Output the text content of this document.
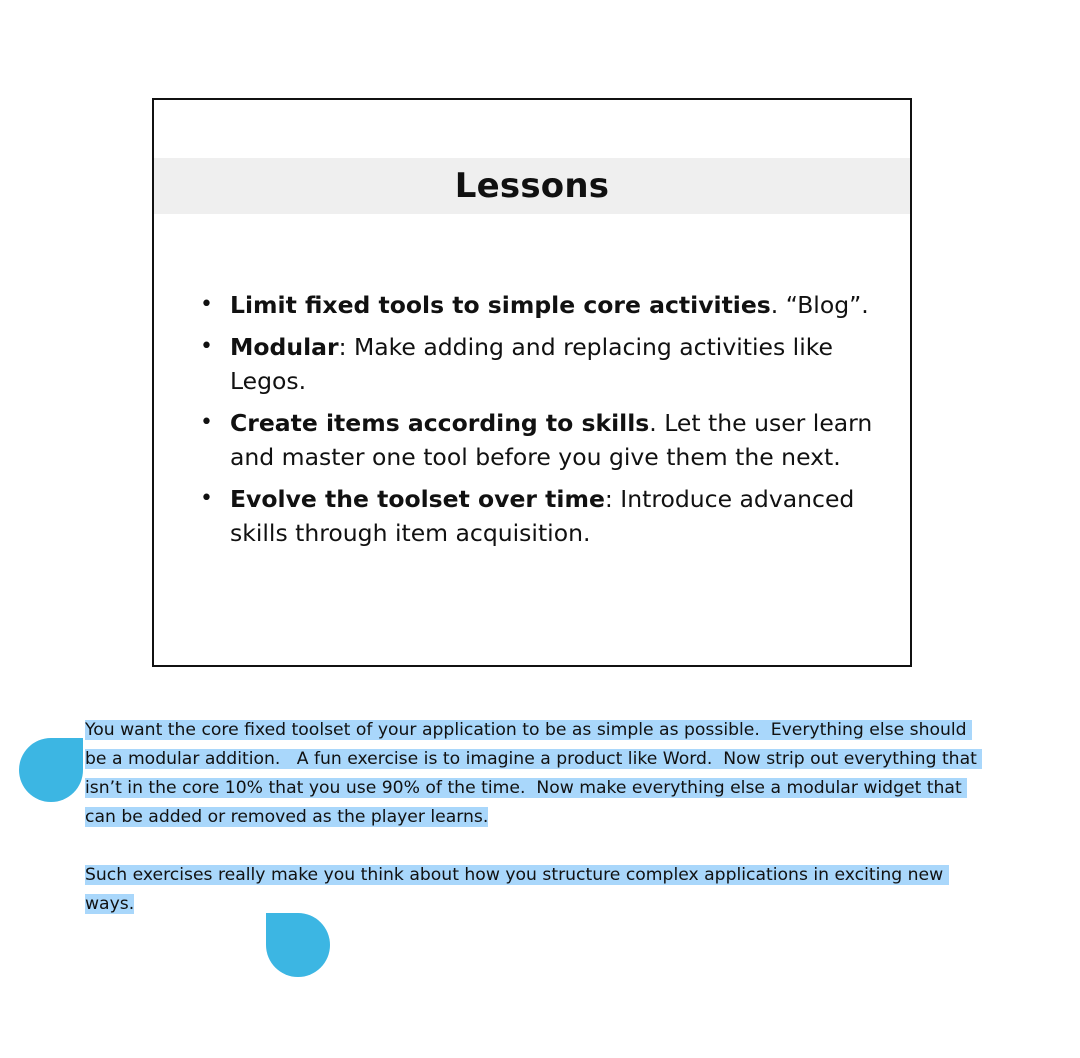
Lessons
• Limit fixed tools to simple core activities. “Blog”.
• Modular: Make adding and replacing activities like Legos.
• Create items according to skills. Let the user learn and master one tool before you give them the next.
• Evolve the toolset over time: Introduce advanced skills through item acquisition.

You want the core fixed toolset of your application to be as simple as possible.  Everything else should be a modular addition.   A fun exercise is to imagine a product like Word.  Now strip out everything that isn’t in the core 10% that you use 90% of the time.  Now make everything else a modular widget that can be added or removed as the player learns.

Such exercises really make you think about how you structure complex applications in exciting new ways.
